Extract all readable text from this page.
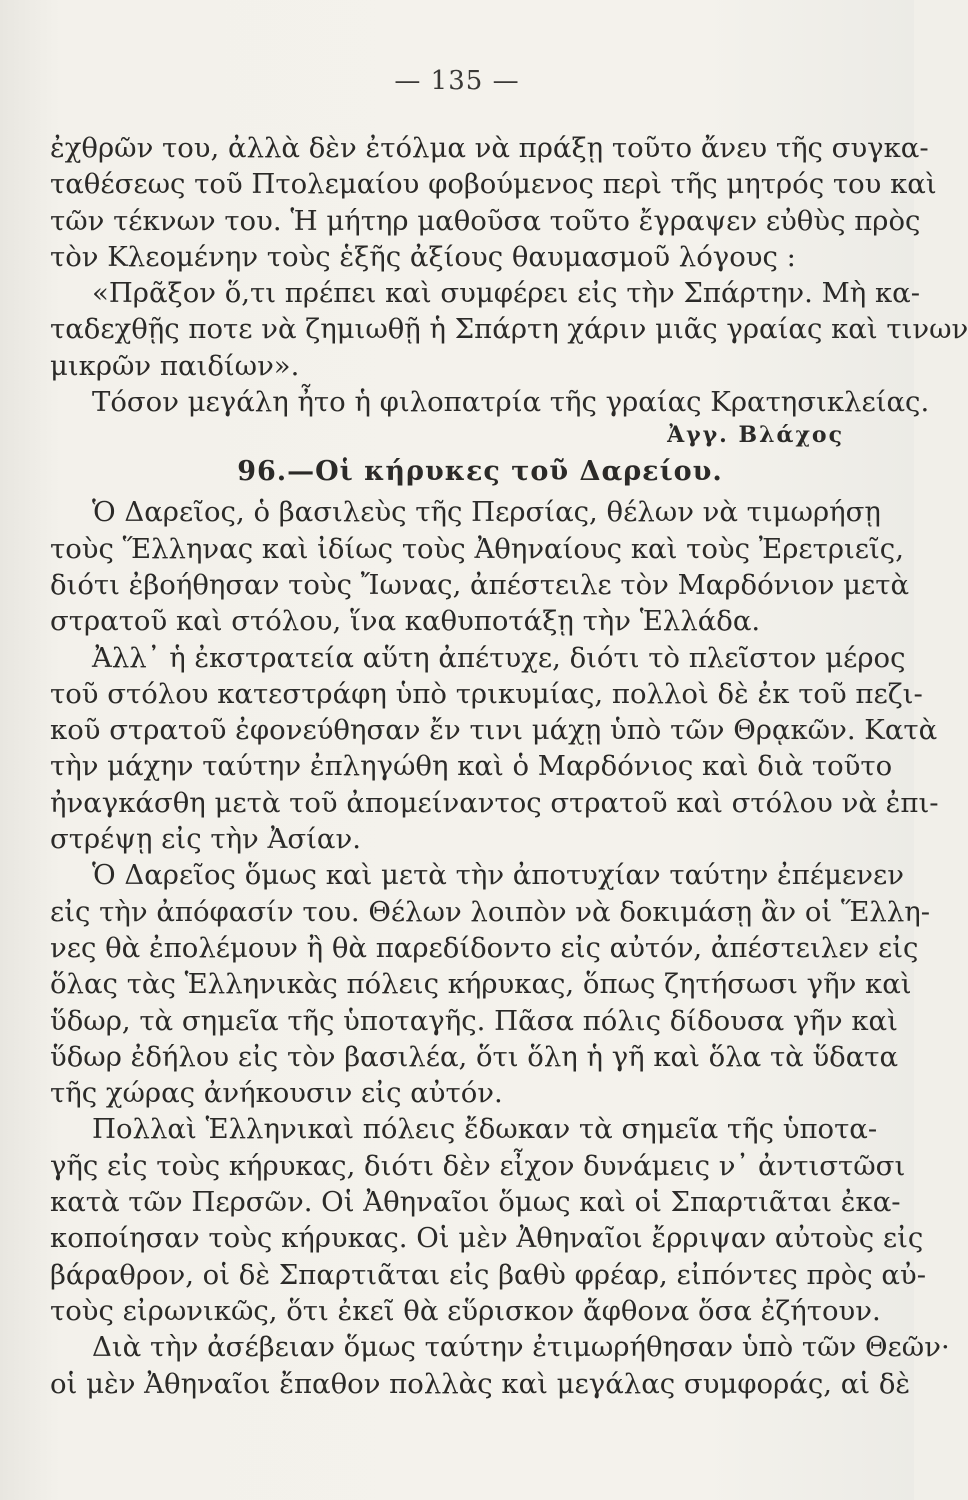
— 135 —
ἐχθρῶν του, ἀλλὰ δὲν ἐτόλμα νὰ πράξῃ τοῦτο ἄνευ τῆς συγκα-
ταθέσεως τοῦ Πτολεμαίου φοβούμενος περὶ τῆς μητρός του καὶ
τῶν τέκνων του. Ἡ μήτηρ μαθοῦσα τοῦτο ἔγραψεν εὐθὺς πρὸς
τὸν Κλεομένην τοὺς ἑξῆς ἀξίους θαυμασμοῦ λόγους :
«Πρᾶξον ὅ,τι πρέπει καὶ συμφέρει εἰς τὴν Σπάρτην. Μὴ κα-
ταδεχθῇς ποτε νὰ ζημιωθῇ ἡ Σπάρτη χάριν μιᾶς γραίας καὶ τινων
μικρῶν παιδίων».
Τόσον μεγάλη ἦτο ἡ φιλοπατρία τῆς γραίας Κρατησικλείας.
Ἀγγ. Βλάχος
96.—Οἱ κήρυκες τοῦ Δαρείου.
Ὁ Δαρεῖος, ὁ βασιλεὺς τῆς Περσίας, θέλων νὰ τιμωρήσῃ
τοὺς Ἕλληνας καὶ ἰδίως τοὺς Ἀθηναίους καὶ τοὺς Ἐρετριεῖς,
διότι ἐβοήθησαν τοὺς Ἴωνας, ἀπέστειλε τὸν Μαρδόνιον μετὰ
στρατοῦ καὶ στόλου, ἵνα καθυποτάξῃ τὴν Ἑλλάδα.
Ἀλλ᾽ ἡ ἐκστρατεία αὕτη ἀπέτυχε, διότι τὸ πλεῖστον μέρος
τοῦ στόλου κατεστράφη ὑπὸ τρικυμίας, πολλοὶ δὲ ἐκ τοῦ πεζι-
κοῦ στρατοῦ ἐφονεύθησαν ἔν τινι μάχῃ ὑπὸ τῶν Θρᾳκῶν. Κατὰ
τὴν μάχην ταύτην ἐπληγώθη καὶ ὁ Μαρδόνιος καὶ διὰ τοῦτο
ἠναγκάσθη μετὰ τοῦ ἀπομείναντος στρατοῦ καὶ στόλου νὰ ἐπι-
στρέψῃ εἰς τὴν Ἀσίαν.
Ὁ Δαρεῖος ὅμως καὶ μετὰ τὴν ἀποτυχίαν ταύτην ἐπέμενεν
εἰς τὴν ἀπόφασίν του. Θέλων λοιπὸν νὰ δοκιμάσῃ ἂν οἱ Ἕλλη-
νες θὰ ἐπολέμουν ἢ θὰ παρεδίδοντο εἰς αὐτόν, ἀπέστειλεν εἰς
ὅλας τὰς Ἑλληνικὰς πόλεις κήρυκας, ὅπως ζητήσωσι γῆν καὶ
ὕδωρ, τὰ σημεῖα τῆς ὑποταγῆς. Πᾶσα πόλις δίδουσα γῆν καὶ
ὕδωρ ἐδήλου εἰς τὸν βασιλέα, ὅτι ὅλη ἡ γῆ καὶ ὅλα τὰ ὕδατα
τῆς χώρας ἀνήκουσιν εἰς αὐτόν.
Πολλαὶ Ἑλληνικαὶ πόλεις ἔδωκαν τὰ σημεῖα τῆς ὑποτα-
γῆς εἰς τοὺς κήρυκας, διότι δὲν εἶχον δυνάμεις ν᾽ ἀντιστῶσι
κατὰ τῶν Περσῶν. Οἱ Ἀθηναῖοι ὅμως καὶ οἱ Σπαρτιᾶται ἐκα-
κοποίησαν τοὺς κήρυκας. Οἱ μὲν Ἀθηναῖοι ἔρριψαν αὐτοὺς εἰς
βάραθρον, οἱ δὲ Σπαρτιᾶται εἰς βαθὺ φρέαρ, εἰπόντες πρὸς αὐ-
τοὺς εἰρωνικῶς, ὅτι ἐκεῖ θὰ εὕρισκον ἄφθονα ὅσα ἐζήτουν.
Διὰ τὴν ἀσέβειαν ὅμως ταύτην ἐτιμωρήθησαν ὑπὸ τῶν Θεῶν·
οἱ μὲν Ἀθηναῖοι ἔπαθον πολλὰς καὶ μεγάλας συμφοράς, αἱ δὲ
